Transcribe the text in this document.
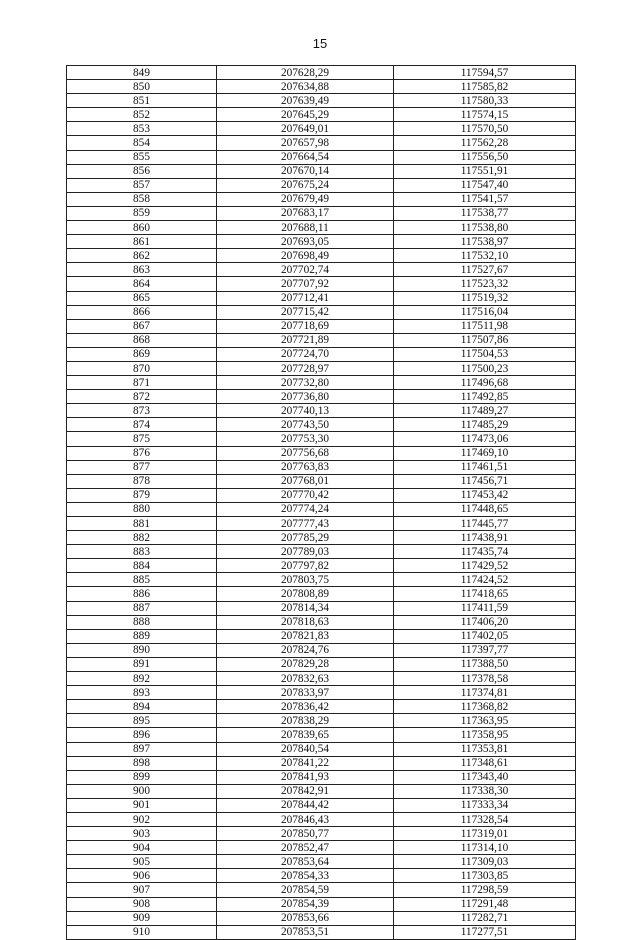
15
849	207628,29	117594,57
850	207634,88	117585,82
851	207639,49	117580,33
852	207645,29	117574,15
853	207649,01	117570,50
854	207657,98	117562,28
855	207664,54	117556,50
856	207670,14	117551,91
857	207675,24	117547,40
858	207679,49	117541,57
859	207683,17	117538,77
860	207688,11	117538,80
861	207693,05	117538,97
862	207698,49	117532,10
863	207702,74	117527,67
864	207707,92	117523,32
865	207712,41	117519,32
866	207715,42	117516,04
867	207718,69	117511,98
868	207721,89	117507,86
869	207724,70	117504,53
870	207728,97	117500,23
871	207732,80	117496,68
872	207736,80	117492,85
873	207740,13	117489,27
874	207743,50	117485,29
875	207753,30	117473,06
876	207756,68	117469,10
877	207763,83	117461,51
878	207768,01	117456,71
879	207770,42	117453,42
880	207774,24	117448,65
881	207777,43	117445,77
882	207785,29	117438,91
883	207789,03	117435,74
884	207797,82	117429,52
885	207803,75	117424,52
886	207808,89	117418,65
887	207814,34	117411,59
888	207818,63	117406,20
889	207821,83	117402,05
890	207824,76	117397,77
891	207829,28	117388,50
892	207832,63	117378,58
893	207833,97	117374,81
894	207836,42	117368,82
895	207838,29	117363,95
896	207839,65	117358,95
897	207840,54	117353,81
898	207841,22	117348,61
899	207841,93	117343,40
900	207842,91	117338,30
901	207844,42	117333,34
902	207846,43	117328,54
903	207850,77	117319,01
904	207852,47	117314,10
905	207853,64	117309,03
906	207854,33	117303,85
907	207854,59	117298,59
908	207854,39	117291,48
909	207853,66	117282,71
910	207853,51	117277,51
